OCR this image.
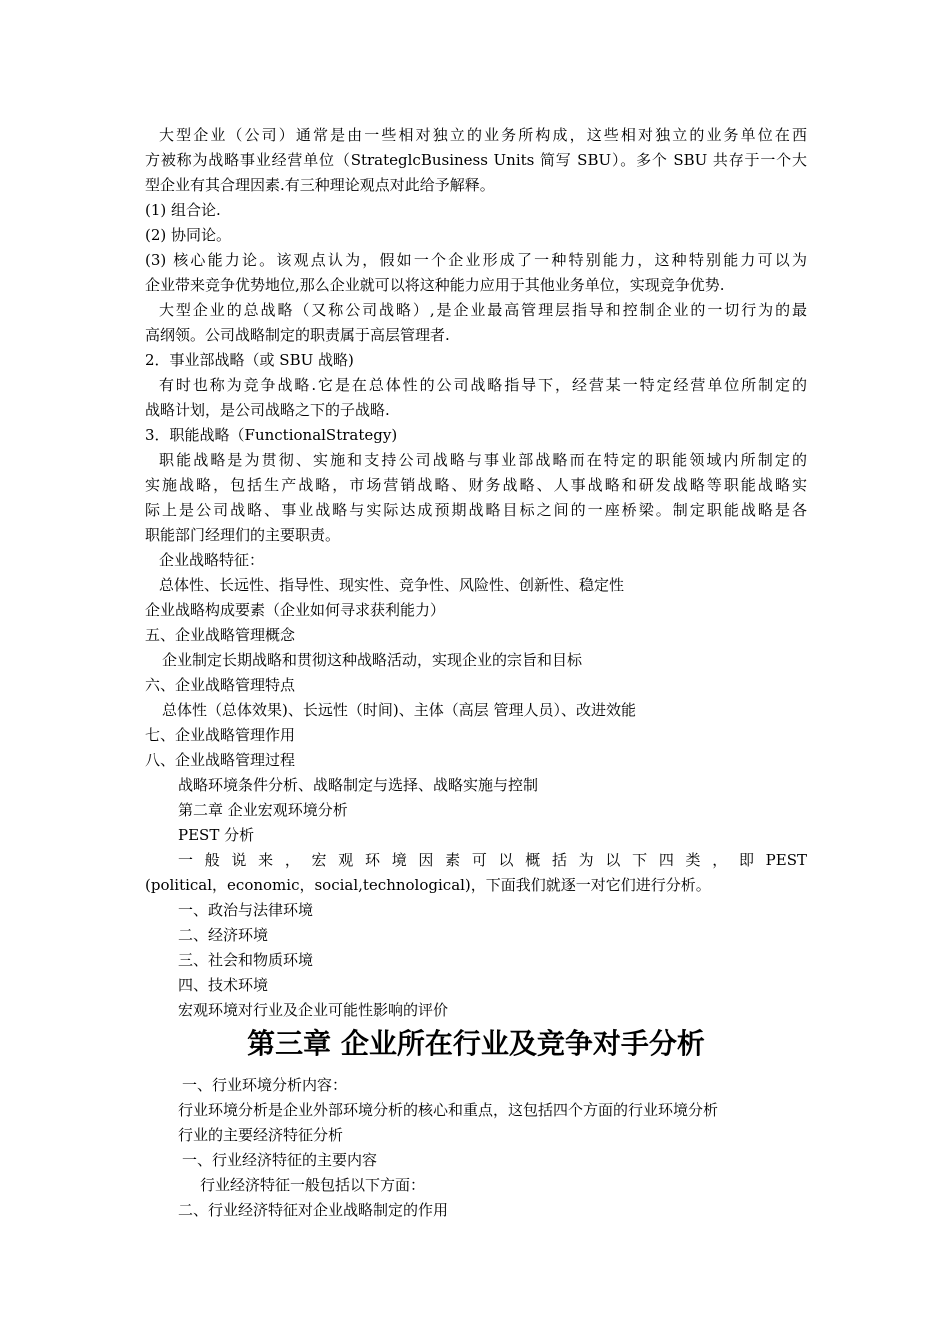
大型企业（公司）通常是由一些相对独立的业务所构成，这些相对独立的业务单位在西
方被称为战略事业经营单位（StrateglcBusiness Units 简写 SBU）。多个 SBU 共存于一个大
型企业有其合理因素.有三种理论观点对此给予解释。
(1) 组合论.
(2) 协同论。
(3) 核心能力论。该观点认为，假如一个企业形成了一种特别能力，这种特别能力可以为
企业带来竞争优势地位,那么企业就可以将这种能力应用于其他业务单位，实现竞争优势.
大型企业的总战略（又称公司战略）,是企业最高管理层指导和控制企业的一切行为的最
高纲领。公司战略制定的职责属于高层管理者.
2．事业部战略（或 SBU 战略)
有时也称为竞争战略.它是在总体性的公司战略指导下，经营某一特定经营单位所制定的
战略计划，是公司战略之下的子战略.
3．职能战略（FunctionalStrategy)
职能战略是为贯彻、实施和支持公司战略与事业部战略而在特定的职能领域内所制定的
实施战略，包括生产战略，市场营销战略、财务战略、人事战略和研发战略等职能战略实
际上是公司战略、事业战略与实际达成预期战略目标之间的一座桥梁。制定职能战略是各
职能部门经理们的主要职责。
企业战略特征：
总体性、长远性、指导性、现实性、竞争性、风险性、创新性、稳定性
企业战略构成要素（企业如何寻求获利能力）
五、企业战略管理概念
企业制定长期战略和贯彻这种战略活动，实现企业的宗旨和目标
六、企业战略管理特点
总体性（总体效果)、长远性（时间)、主体（高层 管理人员）、改进效能
七、企业战略管理作用
八、企业战略管理过程
战略环境条件分析、战略制定与选择、战略实施与控制
第二章 企业宏观环境分析
PEST 分析
一 般 说 来 ， 宏 观 环 境 因 素 可 以 概 括 为 以 下 四 类 ， 即 PEST
(political，economic，social,technological)，下面我们就逐一对它们进行分析。
一、政治与法律环境
二、经济环境
三、社会和物质环境
四、技术环境
宏观环境对行业及企业可能性影响的评价
第三章 企业所在行业及竞争对手分析
一、行业环境分析内容：
行业环境分析是企业外部环境分析的核心和重点，这包括四个方面的行业环境分析
行业的主要经济特征分析
一、行业经济特征的主要内容
行业经济特征一般包括以下方面：
二、行业经济特征对企业战略制定的作用
